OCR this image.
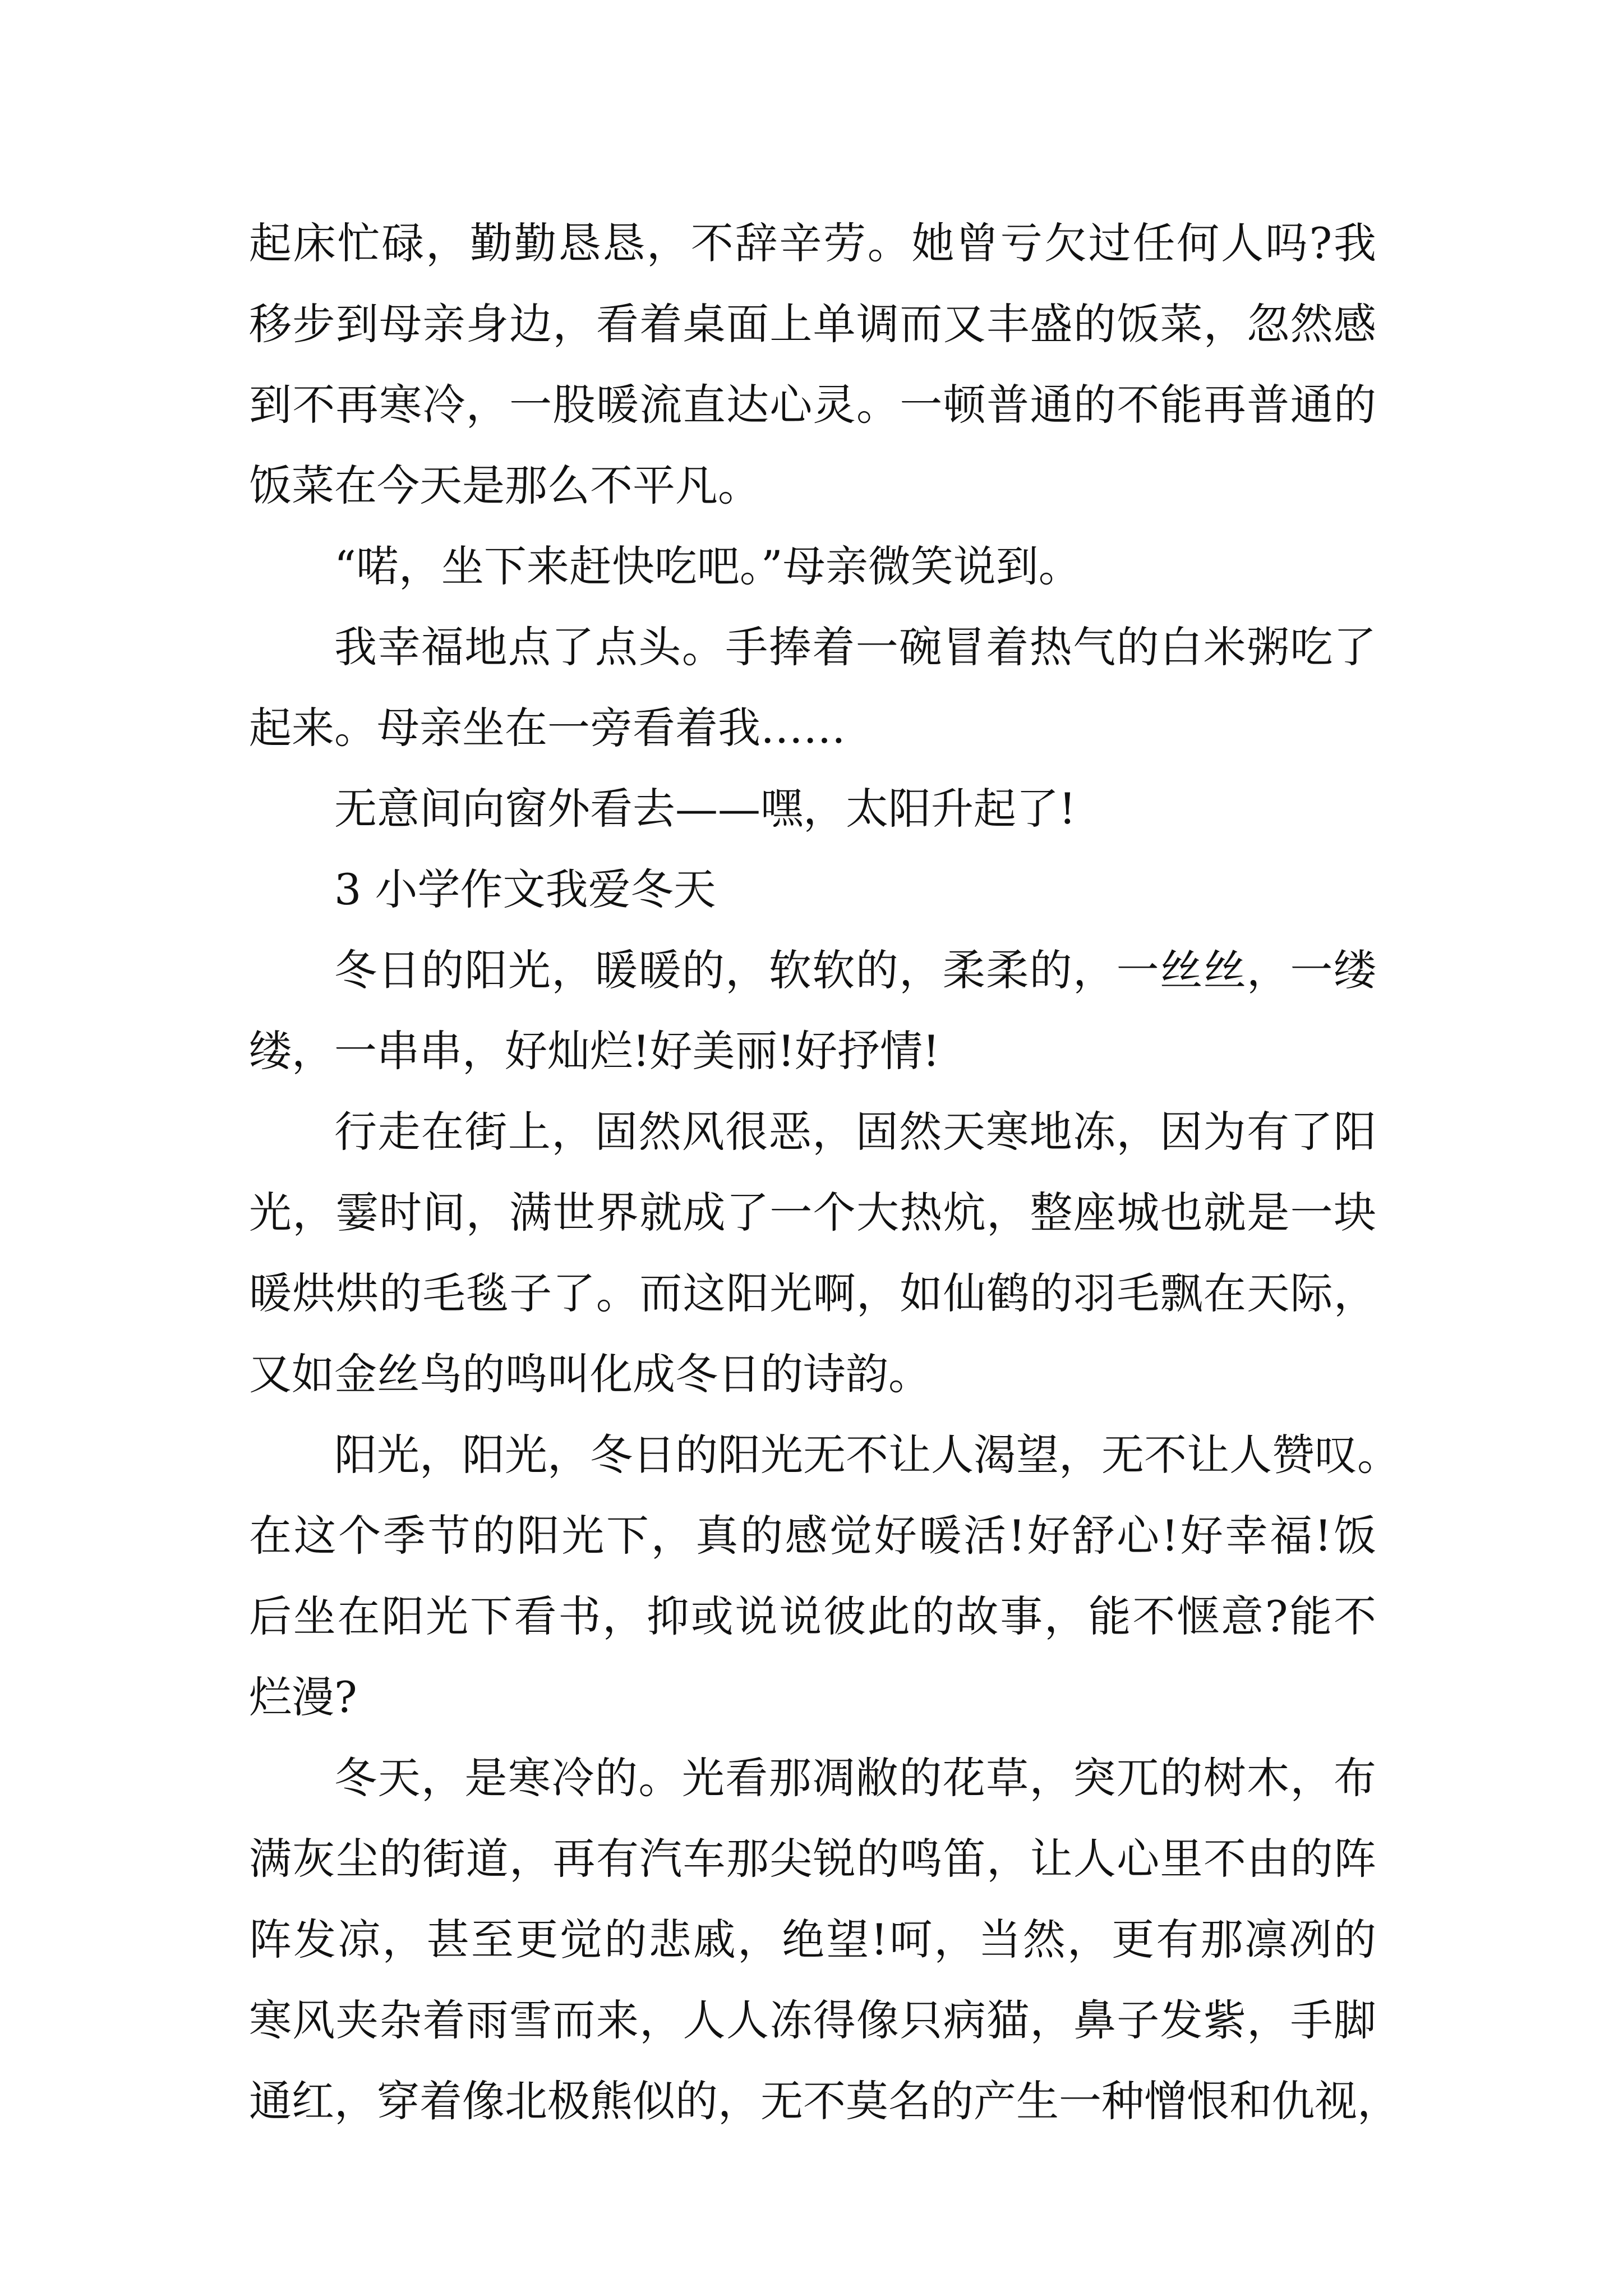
起床忙碌，勤勤恳恳，不辞辛劳。她曾亏欠过任何人吗?我
移步到母亲身边，看着桌面上单调而又丰盛的饭菜，忽然感
到不再寒冷，一股暖流直达心灵。一顿普通的不能再普通的
饭菜在今天是那么不平凡。

“喏，坐下来赶快吃吧。”母亲微笑说到。

我幸福地点了点头。手捧着一碗冒着热气的白米粥吃了
起来。母亲坐在一旁看着我……

无意间向窗外看去——嘿，太阳升起了!

3 小学作文我爱冬天

冬日的阳光，暖暖的，软软的，柔柔的，一丝丝，一缕
缕，一串串，好灿烂!好美丽!好抒情!

行走在街上，固然风很恶，固然天寒地冻，因为有了阳
光，霎时间，满世界就成了一个大热炕，整座城也就是一块
暖烘烘的毛毯子了。而这阳光啊，如仙鹤的羽毛飘在天际，
又如金丝鸟的鸣叫化成冬日的诗韵。

阳光，阳光，冬日的阳光无不让人渴望，无不让人赞叹。
在这个季节的阳光下，真的感觉好暖活!好舒心!好幸福!饭
后坐在阳光下看书，抑或说说彼此的故事，能不惬意?能不
烂漫?

冬天，是寒冷的。光看那凋敝的花草，突兀的树木，布
满灰尘的街道，再有汽车那尖锐的鸣笛，让人心里不由的阵
阵发凉，甚至更觉的悲戚，绝望!呵，当然，更有那凛冽的
寒风夹杂着雨雪而来，人人冻得像只病猫，鼻子发紫，手脚
通红，穿着像北极熊似的，无不莫名的产生一种憎恨和仇视，
